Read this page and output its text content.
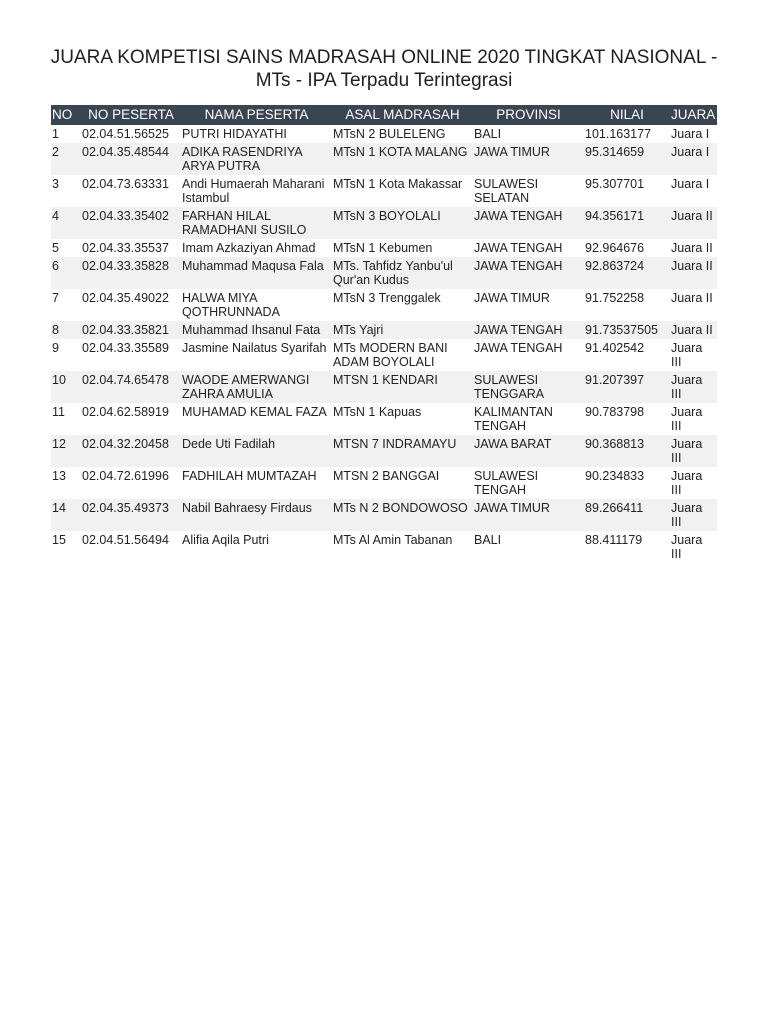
JUARA KOMPETISI SAINS MADRASAH ONLINE 2020 TINGKAT NASIONAL -
MTs - IPA Terpadu Terintegrasi
NO	NO PESERTA	NAMA PESERTA	ASAL MADRASAH	PROVINSI	NILAI	JUARA
1	02.04.51.56525	PUTRI HIDAYATHI	MTsN 2 BULELENG	BALI	101.163177	Juara I
2	02.04.35.48544	ADIKA RASENDRIYA ARYA PUTRA	MTsN 1 KOTA MALANG	JAWA TIMUR	95.314659	Juara I
3	02.04.73.63331	Andi Humaerah Maharani Istambul	MTsN 1 Kota Makassar	SULAWESI SELATAN	95.307701	Juara I
4	02.04.33.35402	FARHAN HILAL RAMADHANI SUSILO	MTsN 3 BOYOLALI	JAWA TENGAH	94.356171	Juara II
5	02.04.33.35537	Imam Azkaziyan Ahmad	MTsN 1 Kebumen	JAWA TENGAH	92.964676	Juara II
6	02.04.33.35828	Muhammad Maqusa Fala	MTs. Tahfidz Yanbu'ul Qur'an Kudus	JAWA TENGAH	92.863724	Juara II
7	02.04.35.49022	HALWA MIYA QOTHRUNNADA	MTsN 3 Trenggalek	JAWA TIMUR	91.752258	Juara II
8	02.04.33.35821	Muhammad Ihsanul Fata	MTs Yajri	JAWA TENGAH	91.73537505	Juara II
9	02.04.33.35589	Jasmine Nailatus Syarifah	MTs MODERN BANI ADAM BOYOLALI	JAWA TENGAH	91.402542	Juara III
10	02.04.74.65478	WAODE AMERWANGI ZAHRA AMULIA	MTSN 1 KENDARI	SULAWESI TENGGARA	91.207397	Juara III
11	02.04.62.58919	MUHAMAD KEMAL FAZA	MTsN 1 Kapuas	KALIMANTAN TENGAH	90.783798	Juara III
12	02.04.32.20458	Dede Uti Fadilah	MTSN 7 INDRAMAYU	JAWA BARAT	90.368813	Juara III
13	02.04.72.61996	FADHILAH MUMTAZAH	MTSN 2 BANGGAI	SULAWESI TENGAH	90.234833	Juara III
14	02.04.35.49373	Nabil Bahraesy Firdaus	MTs N 2 BONDOWOSO	JAWA TIMUR	89.266411	Juara III
15	02.04.51.56494	Alifia Aqila Putri	MTs Al Amin Tabanan	BALI	88.411179	Juara III
